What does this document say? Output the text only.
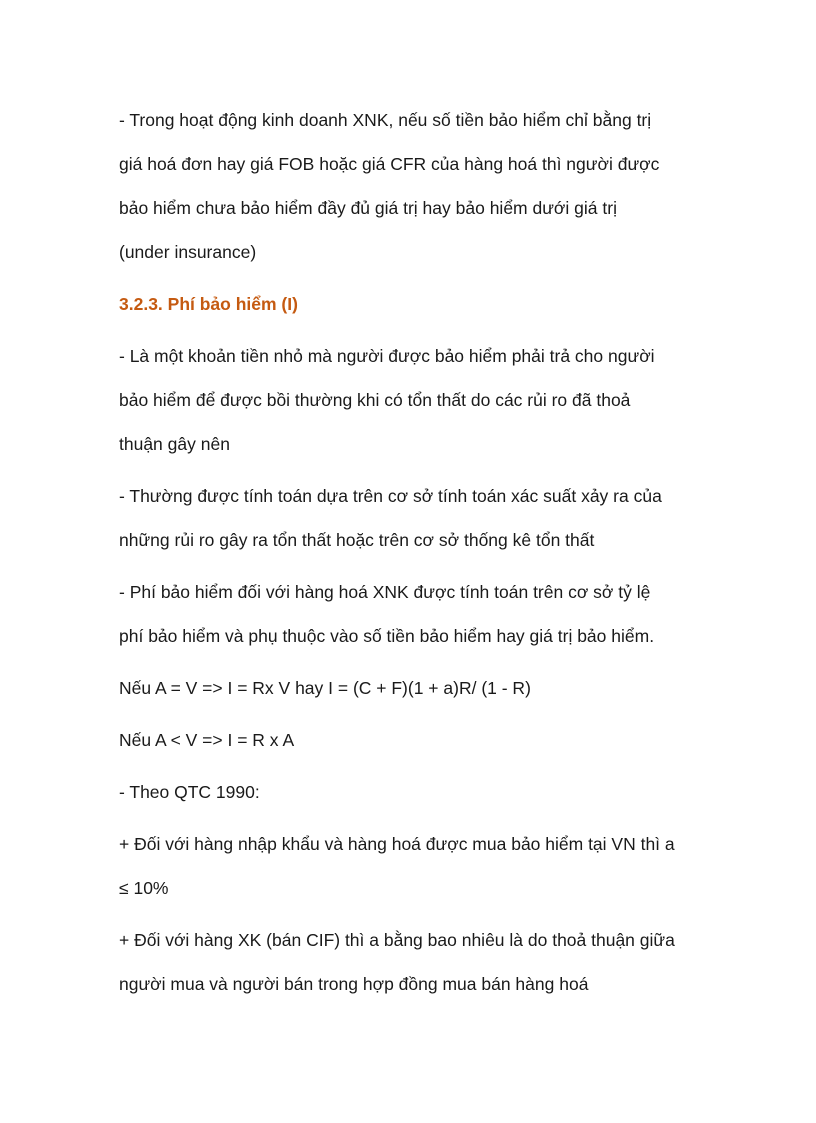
- Trong hoạt động kinh doanh XNK, nếu số tiền bảo hiểm chỉ bằng trị

giá hoá đơn hay giá FOB hoặc giá CFR của hàng hoá thì người được

bảo hiểm chưa bảo hiểm đầy đủ giá trị hay bảo hiểm dưới giá trị

(under insurance)

3.2.3. Phí bảo hiểm (I)

- Là một khoản tiền nhỏ mà người được bảo hiểm phải trả cho người

bảo hiểm để được bồi thường khi có tổn thất do các rủi ro đã thoả

thuận gây nên

- Thường được tính toán dựa trên cơ sở tính toán xác suất xảy ra của

những rủi ro gây ra tổn thất hoặc trên cơ sở thống kê tổn thất

- Phí bảo hiểm đối với hàng hoá XNK được tính toán trên cơ sở tỷ lệ

phí bảo hiểm và phụ thuộc vào số tiền bảo hiểm hay giá trị bảo hiểm.

Nếu A = V => I = Rx V hay I = (C + F)(1 + a)R/ (1 - R)

Nếu A < V => I = R x A

- Theo QTC 1990:

+ Đối với hàng nhập khẩu và hàng hoá được mua bảo hiểm tại VN thì a

≤ 10%

+ Đối với hàng XK (bán CIF) thì a bằng bao nhiêu là do thoả thuận giữa

người mua và người bán trong hợp đồng mua bán hàng hoá
